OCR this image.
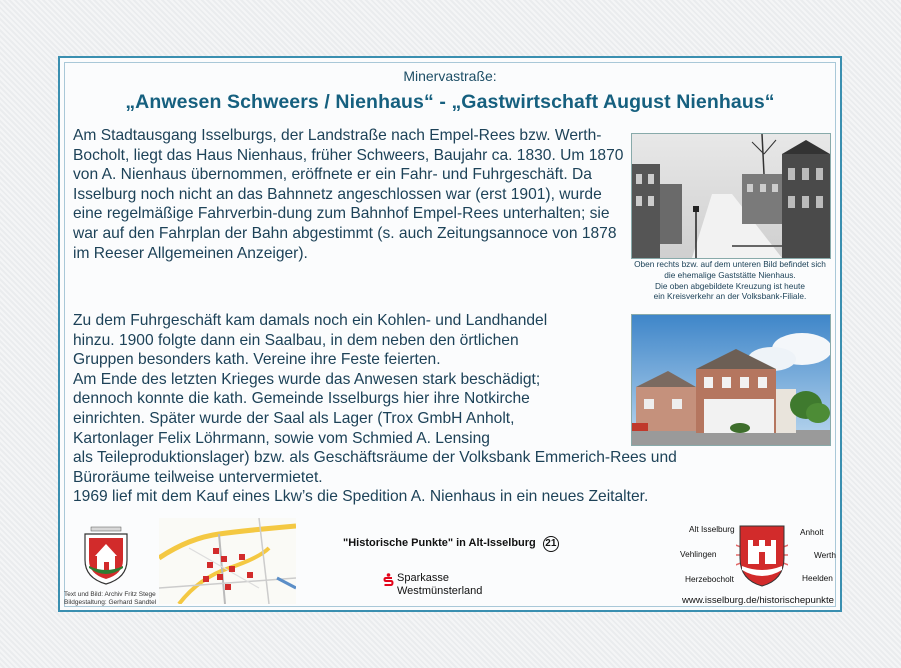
Minervastraße:
„Anwesen Schweers / Nienhaus“ - „Gastwirtschaft August Nienhaus“
Am Stadtausgang Isselburgs, der Landstraße nach Empel-Rees bzw. Werth-Bocholt, liegt das Haus Nienhaus, früher Schweers, Baujahr ca. 1830. Um 1870 von A. Nienhaus übernommen, eröffnete er ein Fahr- und Fuhrgeschäft. Da Isselburg noch nicht an das Bahnnetz angeschlossen war (erst 1901), wurde eine regelmäßige Fahrverbin-dung zum Bahnhof Empel-Rees unterhalten; sie war auf den Fahrplan der Bahn abgestimmt (s. auch Zeitungsannoce von 1878 im Reeser Allgemeinen Anzeiger).
Zu dem Fuhrgeschäft kam damals noch ein Kohlen- und Landhandel
hinzu. 1900 folgte dann ein Saalbau, in dem neben den örtlichen
Gruppen besonders kath. Vereine ihre Feste feierten.
Am Ende des letzten Krieges wurde das Anwesen stark beschädigt;
dennoch konnte die kath. Gemeinde Isselburgs hier ihre Notkirche
einrichten. Später wurde der Saal als Lager (Trox GmbH Anholt,
Kartonlager Felix Löhrmann, sowie vom Schmied A. Lensing
als Teileproduktionslager) bzw. als Geschäftsräume der Volksbank Emmerich-Rees und
Büroräume teilweise untervermietet.
1969 lief mit dem Kauf eines Lkw’s die Spedition A. Nienhaus in ein neues Zeitalter.
Oben rechts bzw. auf dem unteren Bild befindet sich
die ehemalige Gaststätte Nienhaus.
Die oben abgebildete Kreuzung ist heute
ein Kreisverkehr an der Volksbank-Filiale.
Text und Bild: Archiv Fritz Stege
Bildgestaltung: Gerhard Sandtel
"Historische Punkte" in Alt-Isselburg 21
Sparkasse
Westmünsterland
Alt Isselburg	Anholt
Vehlingen	Werth
Herzebocholt	Heelden
www.isselburg.de/historischepunkte
